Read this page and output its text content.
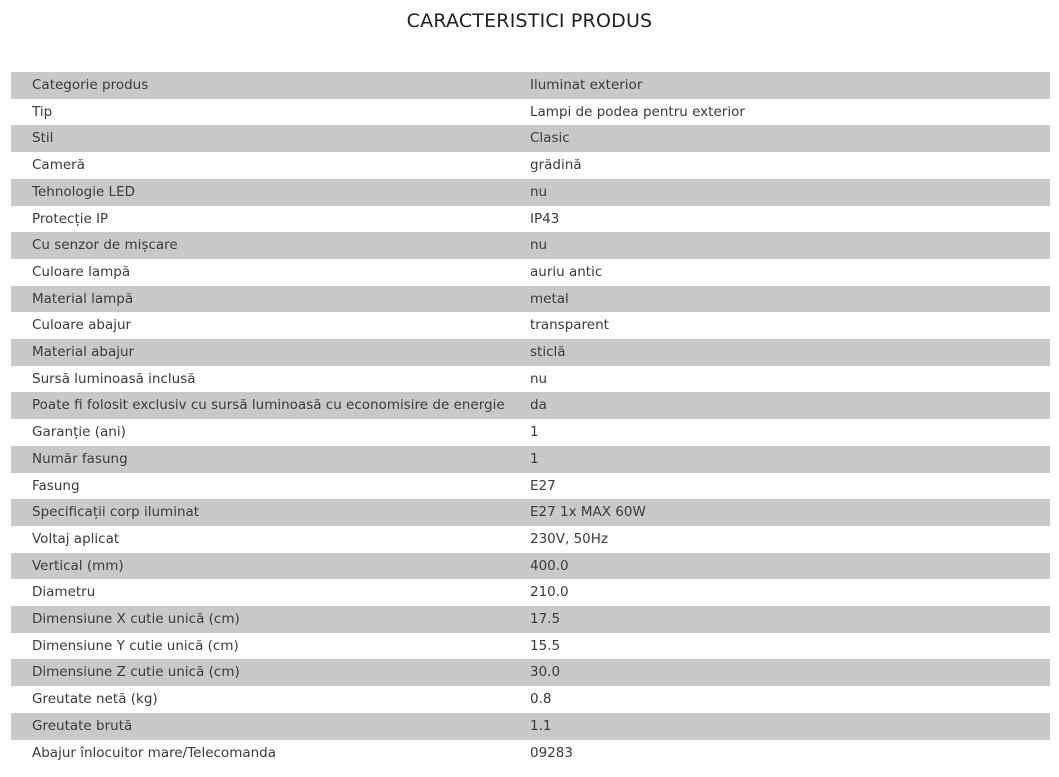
CARACTERISTICI PRODUS
Categorie produs	Iluminat exterior
Tip	Lampi de podea pentru exterior
Stil	Clasic
Cameră	grădină
Tehnologie LED	nu
Protecție IP	IP43
Cu senzor de mișcare	nu
Culoare lampă	auriu antic
Material lampă	metal
Culoare abajur	transparent
Material abajur	sticlă
Sursă luminoasă inclusă	nu
Poate fi folosit exclusiv cu sursă luminoasă cu economisire de energie	da
Garanție (ani)	1
Număr fasung	1
Fasung	E27
Specificații corp iluminat	E27 1x MAX 60W
Voltaj aplicat	230V, 50Hz
Vertical (mm)	400.0
Diametru	210.0
Dimensiune X cutie unică (cm)	17.5
Dimensiune Y cutie unică (cm)	15.5
Dimensiune Z cutie unică (cm)	30.0
Greutate netă (kg)	0.8
Greutate brută	1.1
Abajur înlocuitor mare/Telecomanda	09283
